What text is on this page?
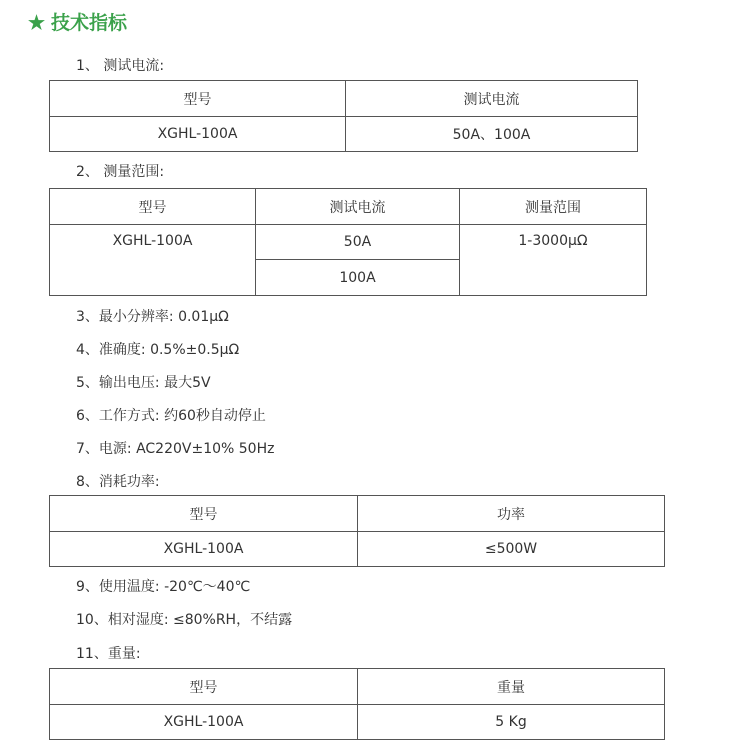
★ 技术指标
1、 测试电流:
型号	测试电流
XGHL-100A	50A、100A
2、 测量范围:
型号	测试电流	测量范围
XGHL-100A	50A	1-3000μΩ
	100A	
3、最小分辨率: 0.01μΩ
4、准确度: 0.5%±0.5μΩ
5、输出电压: 最大5V
6、工作方式: 约60秒自动停止
7、电源: AC220V±10% 50Hz
8、消耗功率:
型号	功率
XGHL-100A	≤500W
9、使用温度: -20℃～40℃
10、相对湿度: ≤80%RH，不结露
11、重量:
型号	重量
XGHL-100A	5 Kg
